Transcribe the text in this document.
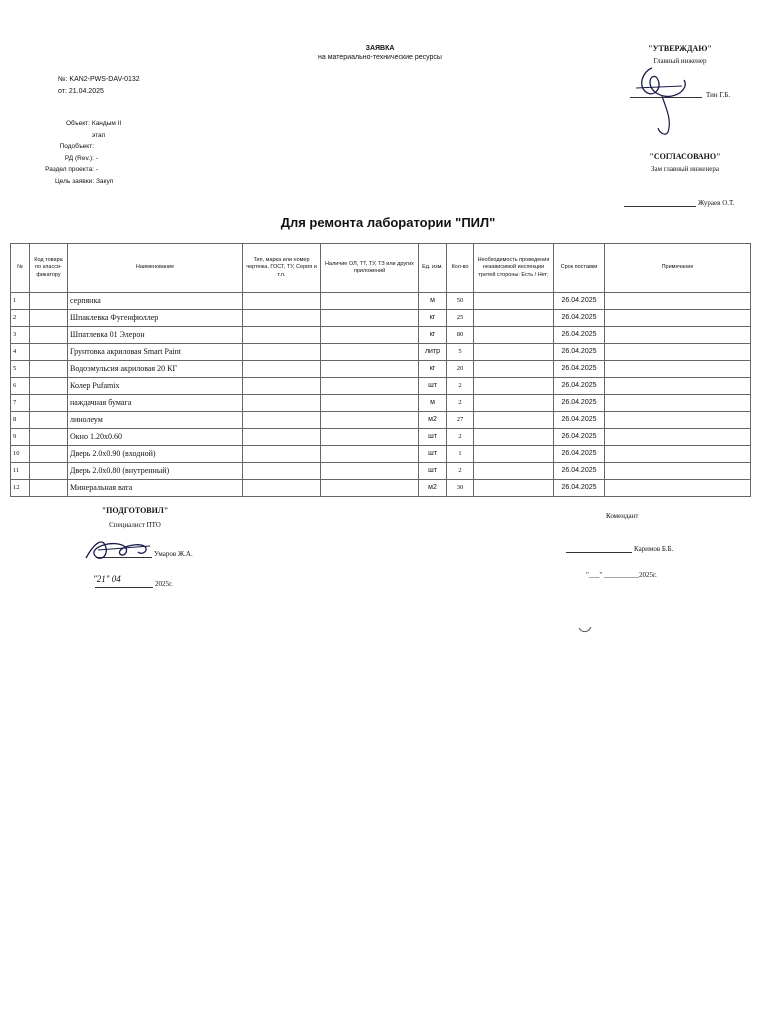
ЗАЯВКА
на материально-технические ресурсы
№: KAN2-PWS-DAV-0132
от: 21.04.2025
Объект: Кандым II этап
Подобъект:
РД (Rev.): -
Раздел проекта: -
Цель заявки: Закуп
"УТВЕРЖДАЮ"
Главный инженер
Тин Г.Б.
"СОГЛАСОВАНО"
Зам главный инженера
Жураев О.Т.
Для ремонта лаборатории "ПИЛ"
№	Код товара по класси-фикатору	Наименование	Тип, марка или номер чертежа, ГОСТ, ТУ, Серия и т.п.	Наличие ОЛ, ТТ, ТУ, ТЗ или других приложений	Ед. изм.	Кол-во	Необходимость проведения независимой инспекции третей стороны: Есть / Нет;	Срок поставки	Примечание
1		серпянка			м	50		26.04.2025	
2		Шпаклевка Фугенфюллер			кг	25		26.04.2025	
3		Шпатлевка 01 Элерон			кг	80		26.04.2025	
4		Грунтовка акриловая Smart Paint			литр	5		26.04.2025	
5		Водоэмульсия акриловая 20 КГ			кг	20		26.04.2025	
6		Колер Pufamix			шт	2		26.04.2025	
7		наждачная бумага			м	2		26.04.2025	
8		линолеум			м2	27		26.04.2025	
9		Окно 1.20х0.60			шт	2		26.04.2025	
10		Дверь 2.0х0.90 (входной)			шт	1		26.04.2025	
11		Дверь 2.0х0.80 (внутренный)			шт	2		26.04.2025	
12		Минеральная вата			м2	30		26.04.2025	
"ПОДГОТОВИЛ"
Специалист ПТО
Умаров Ж.А.
"21" 04	2025г.
Комендант
Каримов Б.Б.
"___" __________2025г.
